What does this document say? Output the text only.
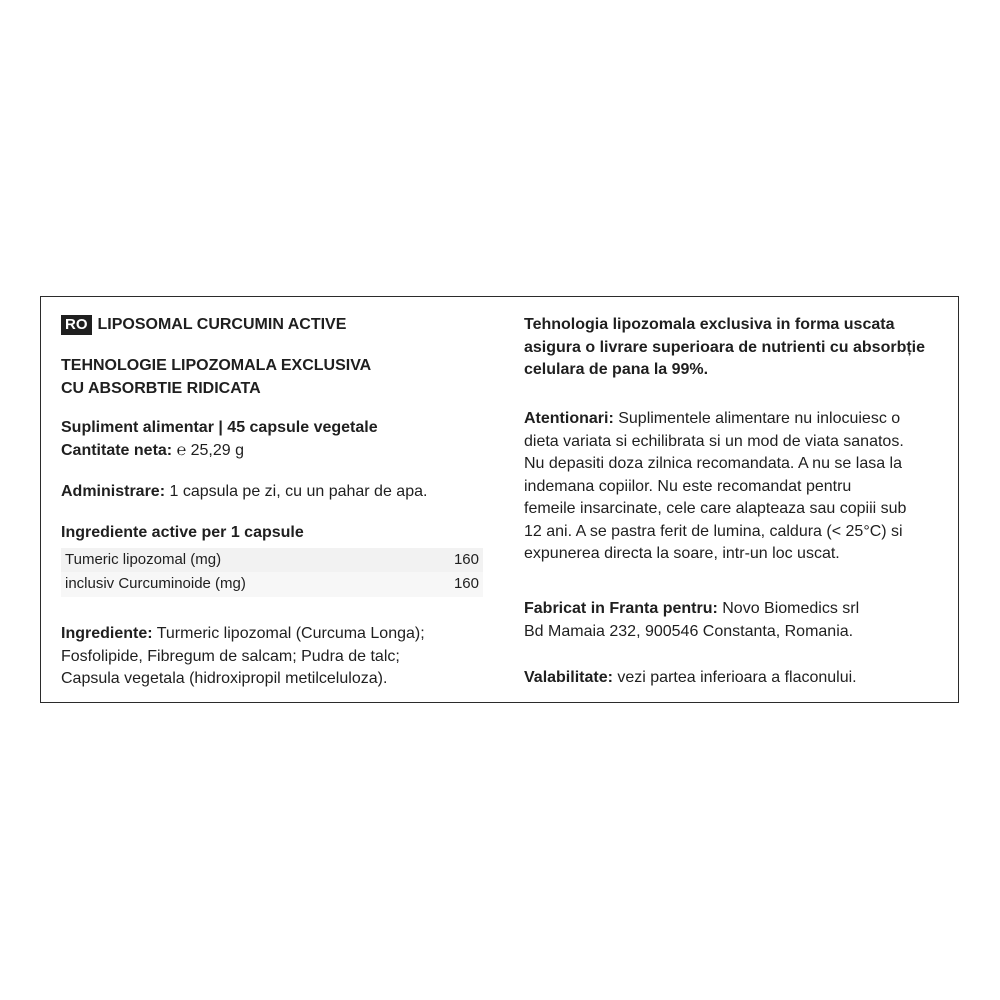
RO LIPOSOMAL CURCUMIN ACTIVE

TEHNOLOGIE LIPOZOMALA EXCLUSIVA

CU ABSORBTIE RIDICATA

Supliment alimentar | 45 capsule vegetale

Cantitate neta: ℮ 25,29 g

Administrare: 1 capsula pe zi, cu un pahar de apa.

Ingrediente active per 1 capsule

Tumeric lipozomal (mg)	160
inclusiv Curcuminoide (mg)	160

Ingrediente: Turmeric lipozomal (Curcuma Longa);

Fosfolipide, Fibregum de salcam; Pudra de talc;

Capsula vegetala (hidroxipropil metilceluloza).

Tehnologia lipozomala exclusiva in forma uscata

asigura o livrare superioara de nutrienti cu absorbție

celulara de pana la 99%.

Atentionari: Suplimentele alimentare nu inlocuiesc o

dieta variata si echilibrata si un mod de viata sanatos.

Nu depasiti doza zilnica recomandata. A nu se lasa la

indemana copiilor. Nu este recomandat pentru

femeile insarcinate, cele care alapteaza sau copiii sub

12 ani. A se pastra ferit de lumina, caldura (< 25°C) si

expunerea directa la soare, intr-un loc uscat.

Fabricat in Franta pentru: Novo Biomedics srl

Bd Mamaia 232, 900546 Constanta, Romania.

Valabilitate: vezi partea inferioara a flaconului.
